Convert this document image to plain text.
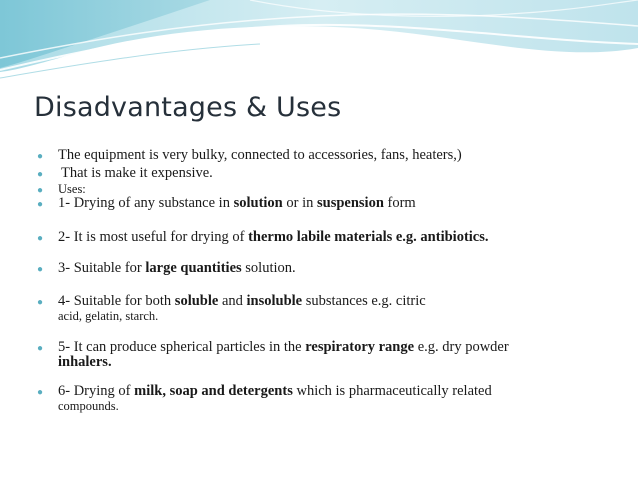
Disadvantages & Uses
●	The equipment is very bulky, connected to accessories, fans, heaters,)
●	That is make it expensive.
●	Uses:
●	1- Drying of any substance in solution or in suspension form
●	2- It is most useful for drying of thermo labile materials e.g. antibiotics.
●	3- Suitable for large quantities solution.
●	4- Suitable for both soluble and insoluble substances e.g. citric
acid, gelatin, starch.
●	5- It can produce spherical particles in the respiratory range e.g. dry powder
inhalers.
●	6- Drying of milk, soap and detergents which is pharmaceutically related
compounds.
